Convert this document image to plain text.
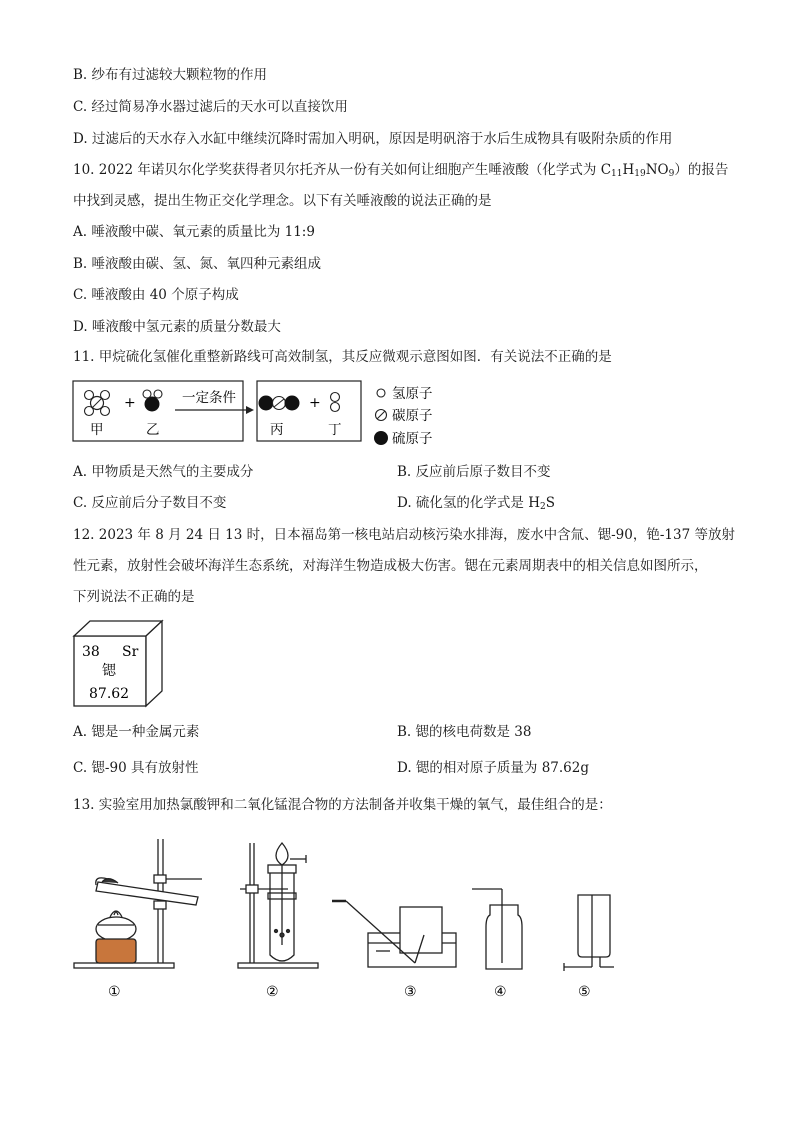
B. 纱布有过滤较大颗粒物的作用
C. 经过简易净水器过滤后的天水可以直接饮用
D. 过滤后的天水存入水缸中继续沉降时需加入明矾，原因是明矾溶于水后生成物具有吸附杂质的作用
10. 2022 年诺贝尔化学奖获得者贝尔托齐从一份有关如何让细胞产生唾液酸（化学式为 $C_{11}H_{19}NO_9$）的报告
中找到灵感，提出生物正交化学理念。以下有关唾液酸的说法正确的是
A. 唾液酸中碳、氧元素的质量比为 11:9
B. 唾液酸由碳、氢、氮、氧四种元素组成
C. 唾液酸由 40 个原子构成
D. 唾液酸中氢元素的质量分数最大
11. 甲烷硫化氢催化重整新路线可高效制氢，其反应微观示意图如图．有关说法不正确的是
+
甲	乙
一定条件	+
丙	丁
氢原子
碳原子
硫原子
A. 甲物质是天然气的主要成分	B. 反应前后原子数目不变
C. 反应前后分子数目不变	D. 硫化氢的化学式是 $H_2S$
12. 2023 年 8 月 24 日 13 时，日本福岛第一核电站启动核污染水排海，废水中含氚、锶-90，铯-137 等放射
性元素，放射性会破坏海洋生态系统，对海洋生物造成极大伤害。锶在元素周期表中的相关信息如图所示，
下列说法不正确的是
38 Sr
锶
87.62
A. 锶是一种金属元素	B. 锶的核电荷数是 38
C. 锶-90 具有放射性	D. 锶的相对原子质量为 87.62g
13. 实验室用加热氯酸钾和二氧化锰混合物的方法制备并收集干燥的氧气，最佳组合的是：
①	②	③	④	⑤
